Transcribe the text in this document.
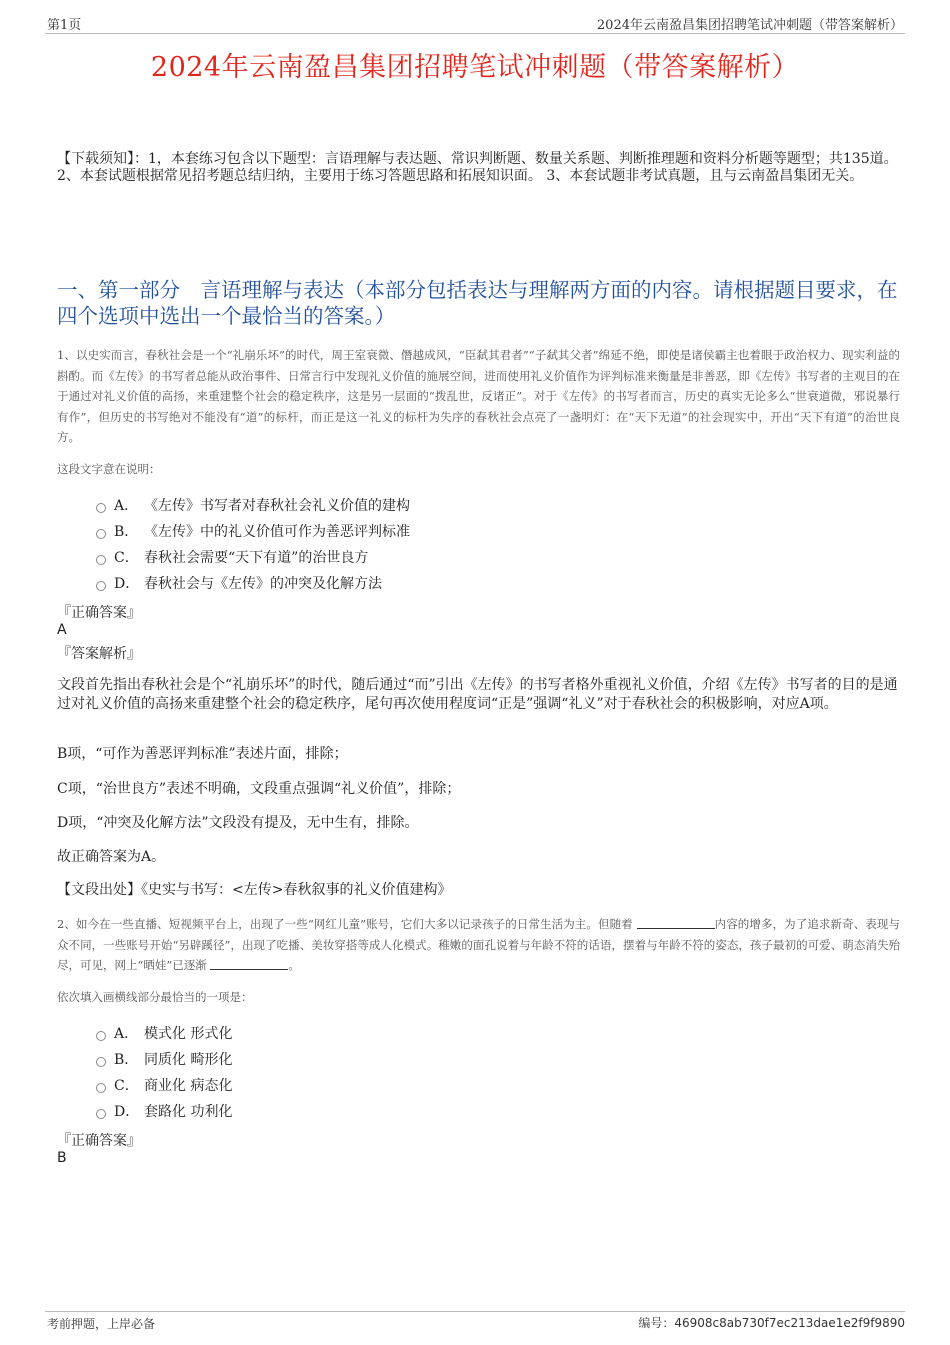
第1页	2024年云南盈昌集团招聘笔试冲刺题（带答案解析）
2024年云南盈昌集团招聘笔试冲刺题（带答案解析）
【下载须知】：1，本套练习包含以下题型：言语理解与表达题、常识判断题、数量关系题、判断推理题和资料分析题等题型；共135道。 2、本套试题根据常见招考题总结归纳，主要用于练习答题思路和拓展知识面。 3、本套试题非考试真题，且与云南盈昌集团无关。
一、第一部分　言语理解与表达（本部分包括表达与理解两方面的内容。请根据题目要求，在四个选项中选出一个最恰当的答案。）
1、以史实而言，春秋社会是一个“礼崩乐坏”的时代，周王室衰微、僭越成风，“臣弑其君者”“子弑其父者”绵延不绝，即使是诸侯霸主也着眼于政治权力、现实利益的斟酌。而《左传》的书写者总能从政治事件、日常言行中发现礼义价值的施展空间，进而使用礼义价值作为评判标准来衡量是非善恶，即《左传》书写者的主观目的在于通过对礼义价值的高扬，来重建整个社会的稳定秩序，这是另一层面的“拨乱世，反诸正”。对于《左传》的书写者而言，历史的真实无论多么“世衰道微，邪说暴行有作”，但历史的书写绝对不能没有“道”的标杆，而正是这一礼义的标杆为失序的春秋社会点亮了一盏明灯：在“天下无道”的社会现实中，开出“天下有道”的治世良方。
这段文字意在说明：
A． 《左传》书写者对春秋社会礼义价值的建构
B． 《左传》中的礼义价值可作为善恶评判标准
C． 春秋社会需要“天下有道”的治世良方
D． 春秋社会与《左传》的冲突及化解方法
『正确答案』
A
『答案解析』
文段首先指出春秋社会是个“礼崩乐坏”的时代，随后通过“而”引出《左传》的书写者格外重视礼义价值，介绍《左传》书写者的目的是通过对礼义价值的高扬来重建整个社会的稳定秩序，尾句再次使用程度词“正是”强调“礼义”对于春秋社会的积极影响，对应A项。
B项，“可作为善恶评判标准”表述片面，排除；
C项，“治世良方”表述不明确，文段重点强调“礼义价值”，排除；
D项，“冲突及化解方法”文段没有提及，无中生有，排除。
故正确答案为A。
【文段出处】《史实与书写：<左传>春秋叙事的礼义价值建构》
2、如今在一些直播、短视频平台上，出现了一些“网红儿童”账号，它们大多以记录孩子的日常生活为主。但随着	内容的增多，为了追求新奇、表现与众不同，一些账号开始“另辟蹊径”，出现了吃播、美妆穿搭等成人化模式。稚嫩的面孔说着与年龄不符的话语，摆着与年龄不符的姿态，孩子最初的可爱、萌态消失殆尽，可见，网上“晒娃”已逐渐	。
依次填入画横线部分最恰当的一项是：
A． 模式化 形式化
B． 同质化 畸形化
C． 商业化 病态化
D． 套路化 功利化
『正确答案』
B
考前押题，上岸必备	编号：46908c8ab730f7ec213dae1e2f9f9890
